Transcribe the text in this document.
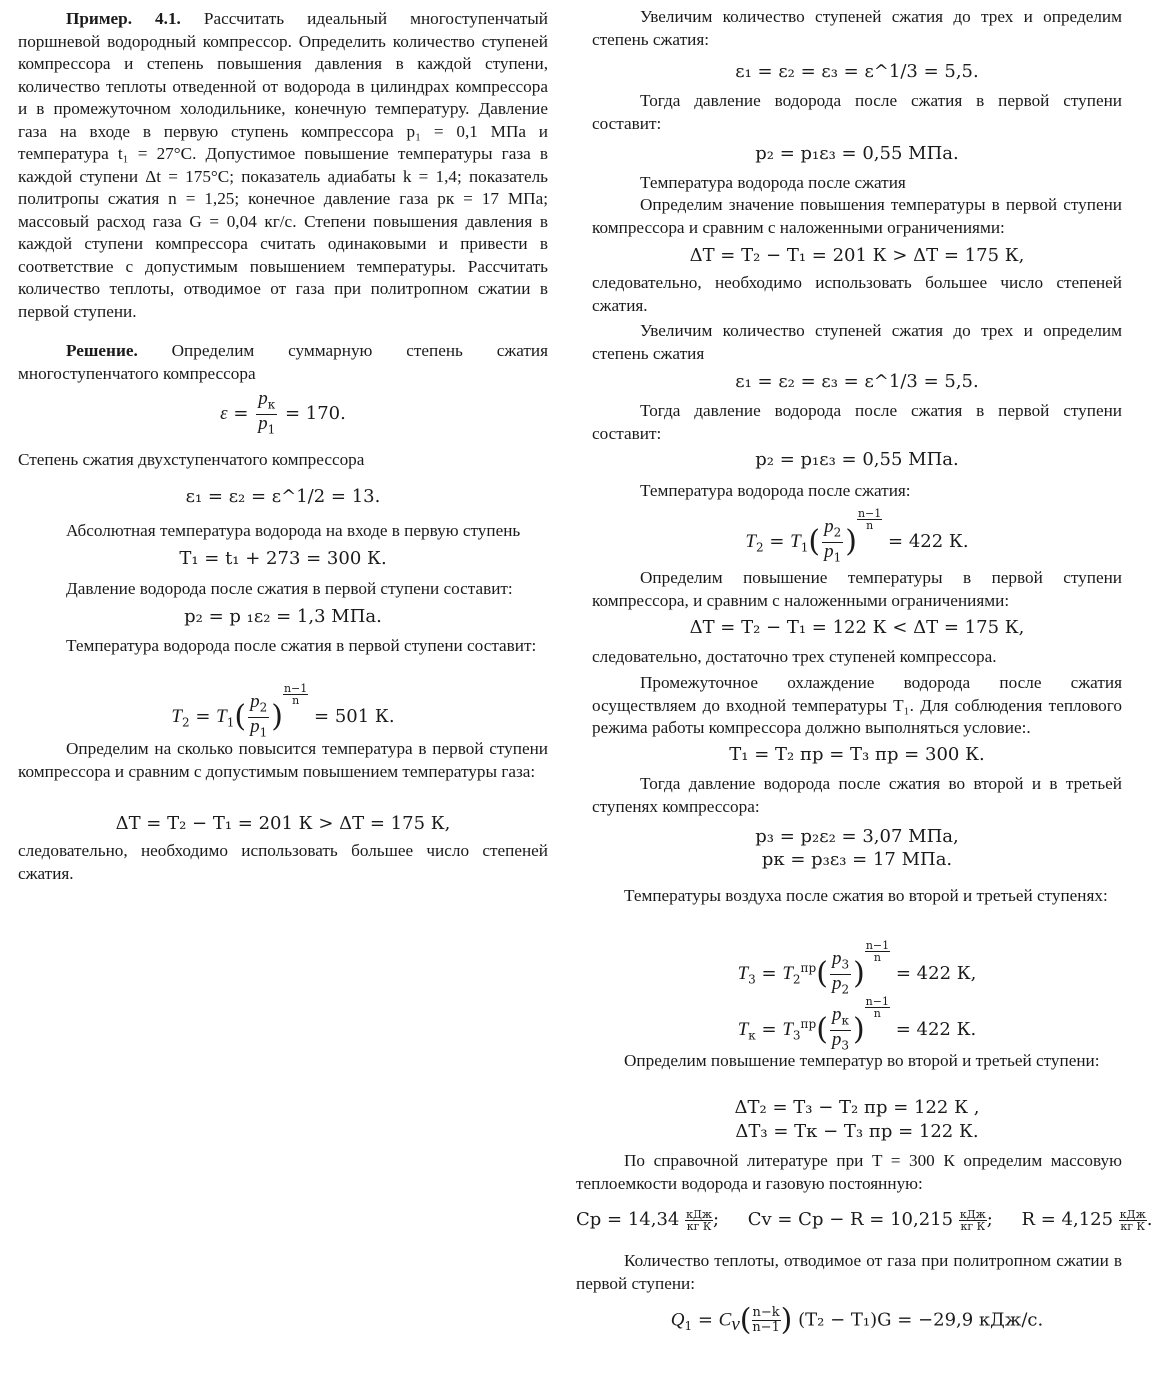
Пример. 4.1. Рассчитать идеальный многоступенчатый поршневой водородный компрессор. Определить количество ступеней компрессора и степень повышения давления в каждой ступени, количество теплоты отведенной от водорода в цилиндрах компрессора и в промежуточном холодильнике, конечную температуру. Давление газа на входе в первую ступень компрессора p₁ = 0,1 МПа и температура t₁ = 27°C. Допустимое повышение температуры газа в каждой ступени Δt = 175°C; показатель адиабаты k = 1,4; показатель политропы сжатия n = 1,25; конечное давление газа pк = 17 МПа; массовый расход газа G = 0,04 кг/с. Степени повышения давления в каждой ступени компрессора считать одинаковыми и привести в соответствие с допустимым повышением температуры. Рассчитать количество теплоты, отводимое от газа при политропном сжатии в первой ступени.

Решение. Определим суммарную степень сжатия многоступенчатого компрессора

$\varepsilon = \frac{p_к}{p_1} = 170$.

Степень сжатия двухступенчатого компрессора

ε₁ = ε₂ = ε^1/2 = 13.

Абсолютная температура водорода на входе в первую ступень

T₁ = t₁ + 273 = 300 К.

Давление водорода после сжатия в первой ступени составит:

p₂ = p ₁ε₂ = 1,3 МПа.

Температура водорода после сжатия в первой ступени составит:

$T_2 = T_1( \frac{p_2}{p_1}$ )
$^{\frac{n-1}{n}}$
= 501 К.

Определим на сколько повысится температура в первой ступени компрессора и сравним с допустимым повышением температуры газа:

ΔT = T₂ − T₁ = 201 К > ΔT = 175 К,

следовательно, необходимо использовать большее число степеней сжатия.

Увеличим количество ступеней сжатия до трех и определим степень сжатия:

ε₁ = ε₂ = ε₃ = ε^1/3 = 5,5.

Тогда давление водорода после сжатия в первой ступени составит:

p₂ = p₁ε₃ = 0,55 МПа.

Температура водорода после сжатия

Определим значение повышения температуры в первой ступени компрессора и сравним с наложенными ограничениями:

ΔT = T₂ − T₁ = 201 К > ΔT = 175 К,

следовательно, необходимо использовать большее число степеней сжатия.

Увеличим количество ступеней сжатия до трех и определим степень сжатия

ε₁ = ε₂ = ε₃ = ε^1/3 = 5,5.

Тогда давление водорода после сжатия в первой ступени составит:

p₂ = p₁ε₃ = 0,55 МПа.

Температура водорода после сжатия:

$T_2 = T_1( \frac{p_2}{p_1}$ )
$^{\frac{n-1}{n}}$
= 422 К.

Определим повышение температуры в первой ступени компрессора, и сравним с наложенными ограничениями:

ΔT = T₂ − T₁ = 122 К < ΔT = 175 К,

следовательно, достаточно трех ступеней компрессора.

Промежуточное охлаждение водорода после сжатия осуществляем до входной температуры T₁. Для соблюдения теплового режима работы компрессора должно выполняться условие:.

T₁ = T₂ пр = T₃ пр = 300 К.

Тогда давление водорода после сжатия во второй и в третьей ступенях компрессора:

p₃ = p₂ε₂ = 3,07 МПа,
pк = p₃ε₃ = 17 МПа.

Температуры воздуха после сжатия во второй и третьей ступенях:

$T_3 = T_2^{пр}( \frac{p_3}{p_2}$ )
$^{\frac{n-1}{n}}$
= 422 К,
$T_к = T_3^{пр}( \frac{p_к}{p_3}$ )
$^{\frac{n-1}{n}}$
= 422 К.

Определим повышение температур во второй и третьей ступени:

ΔT₂ = T₃ − T₂ пр = 122 К ,
ΔT₃ = Tк − T₃ пр = 122 К.

По справочной литературе при T = 300 К определим массовую теплоемкости водорода и газовую постоянную:

$Cp = 14,34 \frac{\text{кДж}}{\text{кг К}}$ ;     $Cv = Cp - R = 10,215 \frac{\text{кДж}}{\text{кг К}}$ ;     $R = 4,125 \frac{\text{кДж}}{\text{кг К}}$ .

Количество теплоты, отводимое от газа при политропном сжатии в первой ступени:

$Q_1 = C_v( \frac{n-k}{n-1}$ ) (T₂ − T₁)G = −29,9 кДж/с.
